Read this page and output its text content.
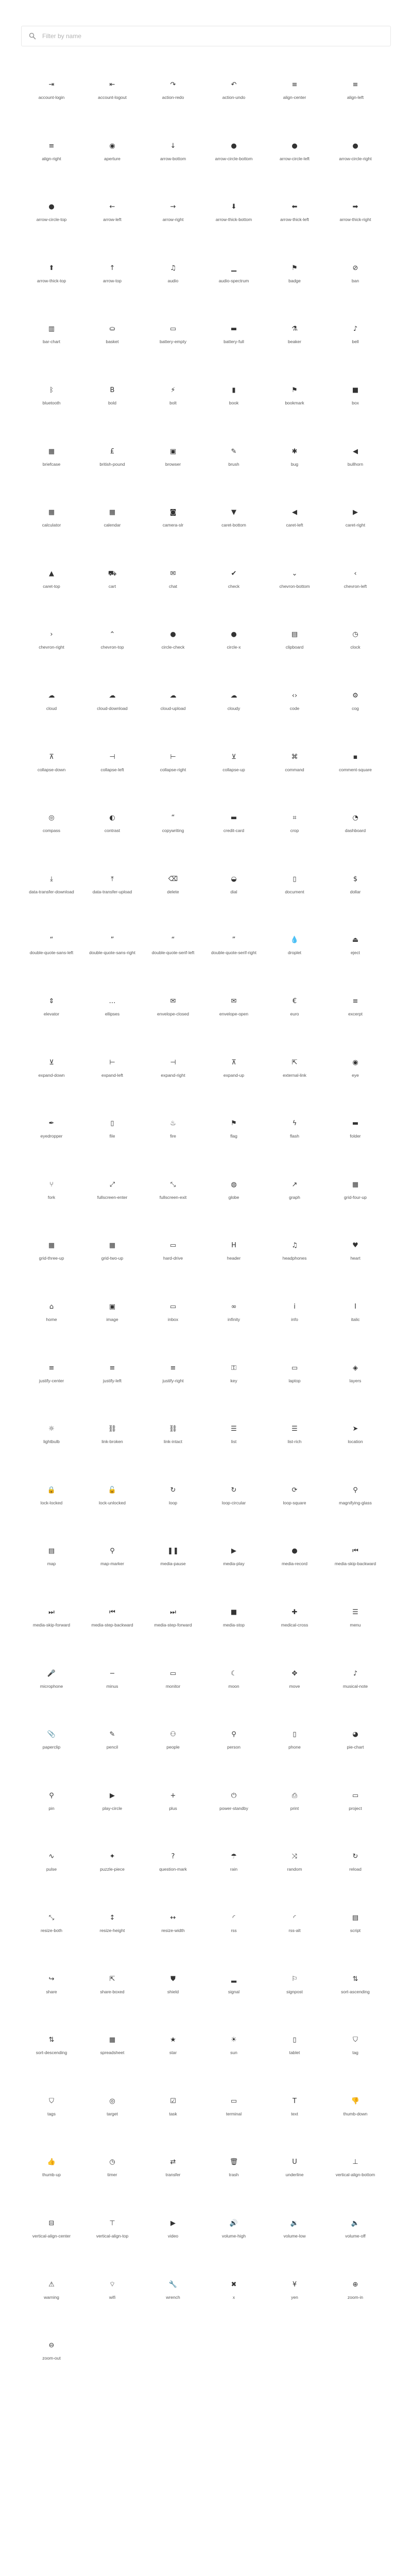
Filter by name
⇥
account-login
⇤
account-logout
↷
action-redo
↶
action-undo
≡
align-center
≡
align-left
≡
align-right
◉
aperture
↓
arrow-bottom
●
arrow-circle-bottom
●
arrow-circle-left
●
arrow-circle-right
●
arrow-circle-top
←
arrow-left
→
arrow-right
⬇
arrow-thick-bottom
⬅
arrow-thick-left
➡
arrow-thick-right
⬆
arrow-thick-top
↑
arrow-top
♫
audio
▁
audio-spectrum
⚑
badge
⊘
ban
▥
bar-chart
⛀
basket
▭
battery-empty
▬
battery-full
⚗
beaker
♪
bell
ᛒ
bluetooth
B
bold
⚡
bolt
▮
book
⚑
bookmark
■
box
▦
briefcase
£
british-pound
▣
browser
✎
brush
✱
bug
◀
bullhorn
▦
calculator
▦
calendar
◙
camera-slr
▼
caret-bottom
◀
caret-left
▶
caret-right
▲
caret-top
⛟
cart
✉
chat
✔
check
⌄
chevron-bottom
‹
chevron-left
›
chevron-right
⌃
chevron-top
●
circle-check
●
circle-x
▤
clipboard
◷
clock
☁
cloud
☁
cloud-download
☁
cloud-upload
☁
cloudy
‹›
code
⚙
cog
⊼
collapse-down
⊣
collapse-left
⊢
collapse-right
⊻
collapse-up
⌘
command
▪
comment-square
◎
compass
◐
contrast
“
copywriting
▬
credit-card
⌗
crop
◔
dashboard
⤓
data-transfer-download
⤒
data-transfer-upload
⌫
delete
◒
dial
▯
document
$
dollar
“
double-quote-sans-left
”
double-quote-sans-right
“
double-quote-serif-left
”
double-quote-serif-right
💧
droplet
⏏
eject
⇕
elevator
…
ellipses
✉
envelope-closed
✉
envelope-open
€
euro
≡
excerpt
⊻
expand-down
⊢
expand-left
⊣
expand-right
⊼
expand-up
⇱
external-link
◉
eye
✒
eyedropper
▯
file
♨
fire
⚑
flag
ϟ
flash
▬
folder
⑂
fork
⤢
fullscreen-enter
⤡
fullscreen-exit
◍
globe
↗
graph
▦
grid-four-up
▦
grid-three-up
▦
grid-two-up
▭
hard-drive
H
header
♫
headphones
♥
heart
⌂
home
▣
image
▭
inbox
∞
infinity
i
info
I
italic
≡
justify-center
≡
justify-left
≡
justify-right
⚿
key
▭
laptop
◈
layers
☼
lightbulb
⛓
link-broken
⛓
link-intact
☰
list
☰
list-rich
➤
location
🔒
lock-locked
🔓
lock-unlocked
↻
loop
↻
loop-circular
⟳
loop-square
⚲
magnifying-glass
▤
map
⚲
map-marker
❚❚
media-pause
▶
media-play
●
media-record
⏮
media-skip-backward
⏭
media-skip-forward
⏮
media-step-backward
⏭
media-step-forward
■
media-stop
✚
medical-cross
☰
menu
🎤
microphone
−
minus
▭
monitor
☾
moon
✥
move
♪
musical-note
📎
paperclip
✎
pencil
⚇
people
⚲
person
▯
phone
◕
pie-chart
⚲
pin
▶
play-circle
+
plus
⏻
power-standby
⎙
print
▭
project
∿
pulse
✦
puzzle-piece
?
question-mark
☂
rain
⤨
random
↻
reload
⤡
resize-both
↕
resize-height
↔
resize-width
◜
rss
◜
rss-alt
▤
script
↪
share
⇱
share-boxed
⛊
shield
▂
signal
⚐
signpost
⇅
sort-ascending
⇅
sort-descending
▦
spreadsheet
★
star
☀
sun
▯
tablet
⛉
tag
⛉
tags
◎
target
☑
task
▭
terminal
T
text
👎
thumb-down
👍
thumb-up
◷
timer
⇄
transfer
🗑
trash
U
underline
⊥
vertical-align-bottom
⊟
vertical-align-center
⊤
vertical-align-top
▶
video
🔊
volume-high
🔉
volume-low
🔈
volume-off
⚠
warning
⌔
wifi
🔧
wrench
✖
x
¥
yen
⊕
zoom-in
⊖
zoom-out
